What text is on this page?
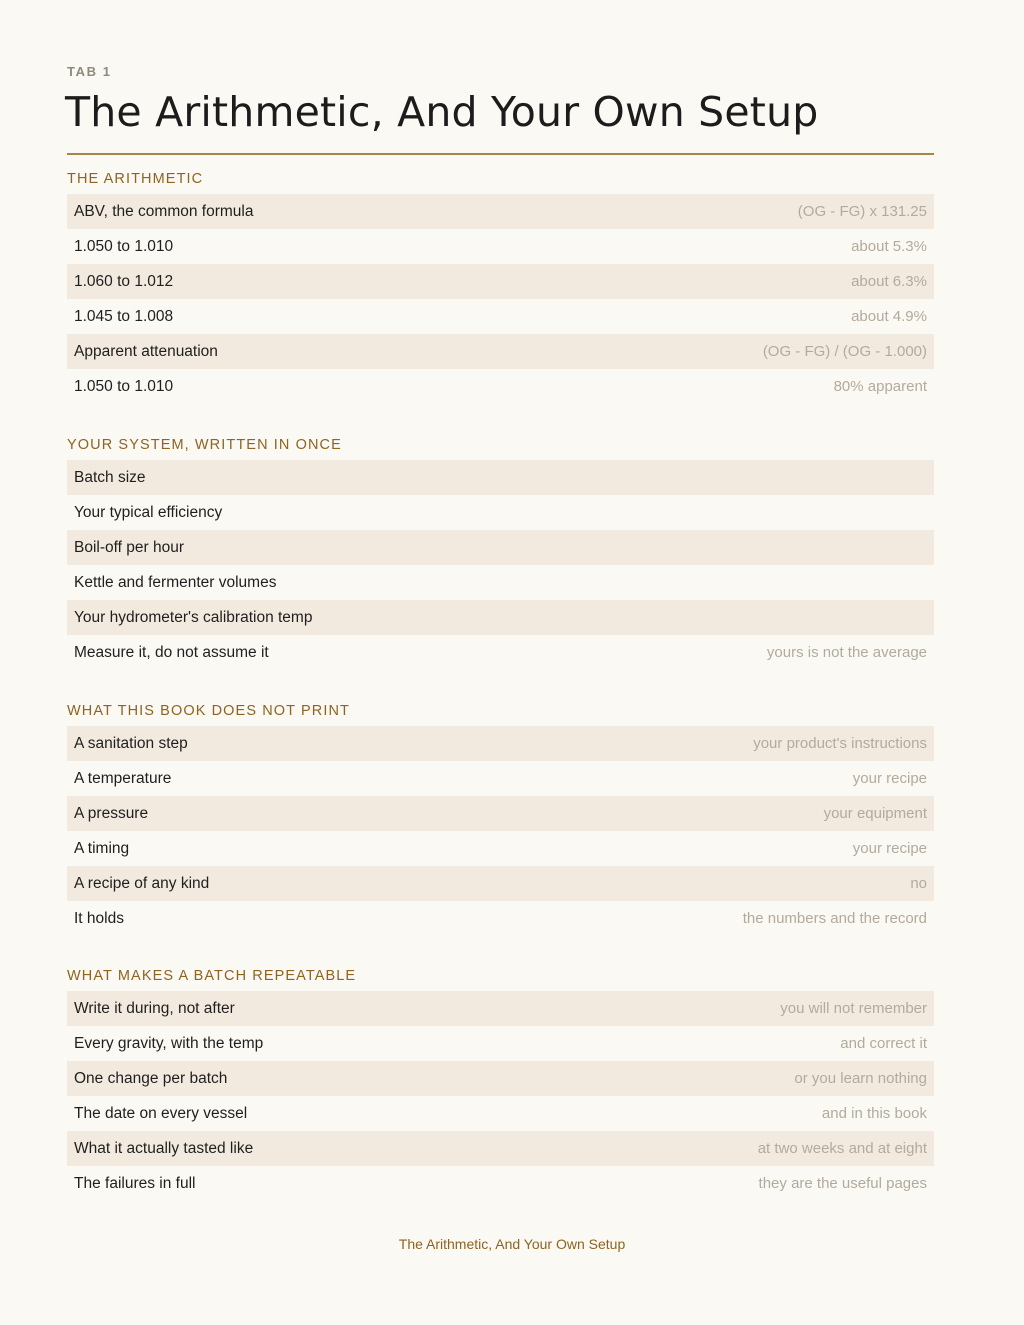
TAB 1
The Arithmetic, And Your Own Setup
THE ARITHMETIC
ABV, the common formula	(OG - FG) x 131.25
1.050 to 1.010	about 5.3%
1.060 to 1.012	about 6.3%
1.045 to 1.008	about 4.9%
Apparent attenuation	(OG - FG) / (OG - 1.000)
1.050 to 1.010	80% apparent
YOUR SYSTEM, WRITTEN IN ONCE
Batch size
Your typical efficiency
Boil-off per hour
Kettle and fermenter volumes
Your hydrometer's calibration temp
Measure it, do not assume it	yours is not the average
WHAT THIS BOOK DOES NOT PRINT
A sanitation step	your product's instructions
A temperature	your recipe
A pressure	your equipment
A timing	your recipe
A recipe of any kind	no
It holds	the numbers and the record
WHAT MAKES A BATCH REPEATABLE
Write it during, not after	you will not remember
Every gravity, with the temp	and correct it
One change per batch	or you learn nothing
The date on every vessel	and in this book
What it actually tasted like	at two weeks and at eight
The failures in full	they are the useful pages
The Arithmetic, And Your Own Setup
